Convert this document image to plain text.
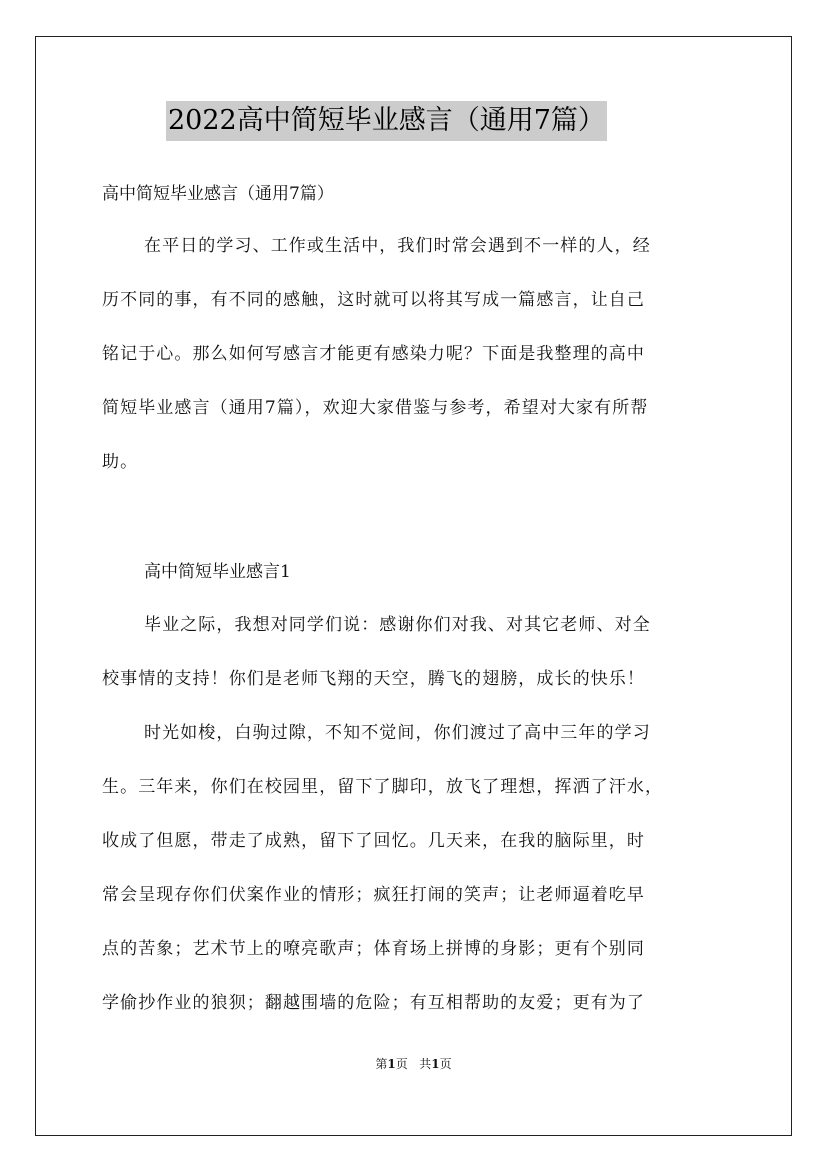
2022高中简短毕业感言（通用7篇）
高中简短毕业感言（通用7篇）
在平日的学习、工作或生活中，我们时常会遇到不一样的人，经
历不同的事，有不同的感触，这时就可以将其写成一篇感言，让自己
铭记于心。那么如何写感言才能更有感染力呢？下面是我整理的高中
简短毕业感言（通用7篇），欢迎大家借鉴与参考，希望对大家有所帮
助。
高中简短毕业感言1
毕业之际，我想对同学们说：感谢你们对我、对其它老师、对全
校事情的支持！你们是老师飞翔的天空，腾飞的翅膀，成长的快乐！
时光如梭，白驹过隙，不知不觉间，你们渡过了高中三年的学习
生。三年来，你们在校园里，留下了脚印，放飞了理想，挥洒了汗水，
收成了但愿，带走了成熟，留下了回忆。几天来，在我的脑际里，时
常会呈现存你们伏案作业的情形；疯狂打闹的笑声；让老师逼着吃早
点的苦象；艺术节上的嘹亮歌声；体育场上拼博的身影；更有个别同
学偷抄作业的狼狈；翻越围墙的危险；有互相帮助的友爱；更有为了
第1页 共1页
